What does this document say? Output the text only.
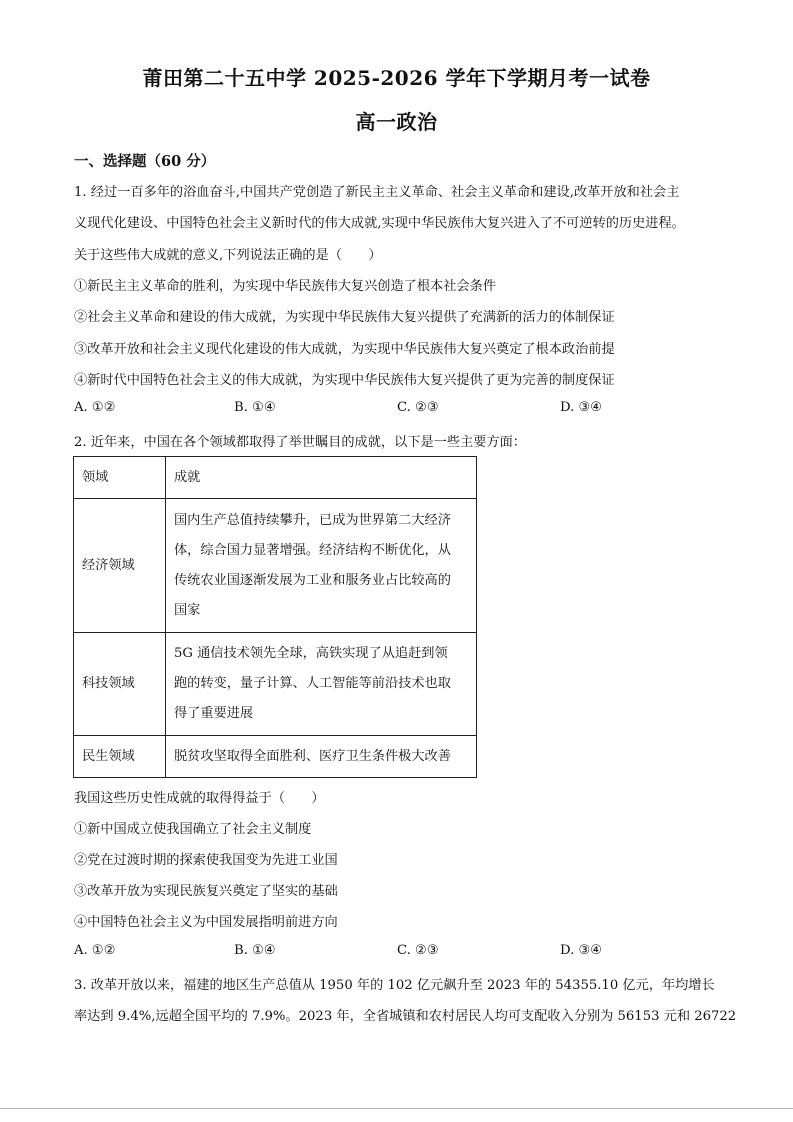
莆田第二十五中学 2025-2026 学年下学期月考一试卷
高一政治
一、选择题（60 分）
1. 经过一百多年的浴血奋斗,中国共产党创造了新民主主义革命、社会主义革命和建设,改革开放和社会主
义现代化建设、中国特色社会主义新时代的伟大成就,实现中华民族伟大复兴进入了不可逆转的历史进程。
关于这些伟大成就的意义,下列说法正确的是（　　）
①新民主主义革命的胜利，为实现中华民族伟大复兴创造了根本社会条件
②社会主义革命和建设的伟大成就，为实现中华民族伟大复兴提供了充满新的活力的体制保证
③改革开放和社会主义现代化建设的伟大成就，为实现中华民族伟大复兴奠定了根本政治前提
④新时代中国特色社会主义的伟大成就，为实现中华民族伟大复兴提供了更为完善的制度保证
A. ①②	B. ①④	C. ②③	D. ③④
2. 近年来，中国在各个领域都取得了举世瞩目的成就，以下是一些主要方面：
领域	成就
经济领域	国内生产总值持续攀升，已成为世界第二大经济
体，综合国力显著增强。经济结构不断优化，从
传统农业国逐渐发展为工业和服务业占比较高的
国家

科技领域	5G 通信技术领先全球，高铁实现了从追赶到领
跑的转变，量子计算、人工智能等前沿技术也取
得了重要进展

民生领域	脱贫攻坚取得全面胜利、医疗卫生条件极大改善
我国这些历史性成就的取得得益于（　　）
①新中国成立使我国确立了社会主义制度
②党在过渡时期的探索使我国变为先进工业国
③改革开放为实现民族复兴奠定了坚实的基础
④中国特色社会主义为中国发展指明前进方向
A. ①②	B. ①④	C. ②③	D. ③④
3. 改革开放以来，福建的地区生产总值从 1950 年的 102 亿元飙升至 2023 年的 54355.10 亿元，年均增长
率达到 9.4%,远超全国平均的 7.9%。2023 年，全省城镇和农村居民人均可支配收入分别为 56153 元和 26722
